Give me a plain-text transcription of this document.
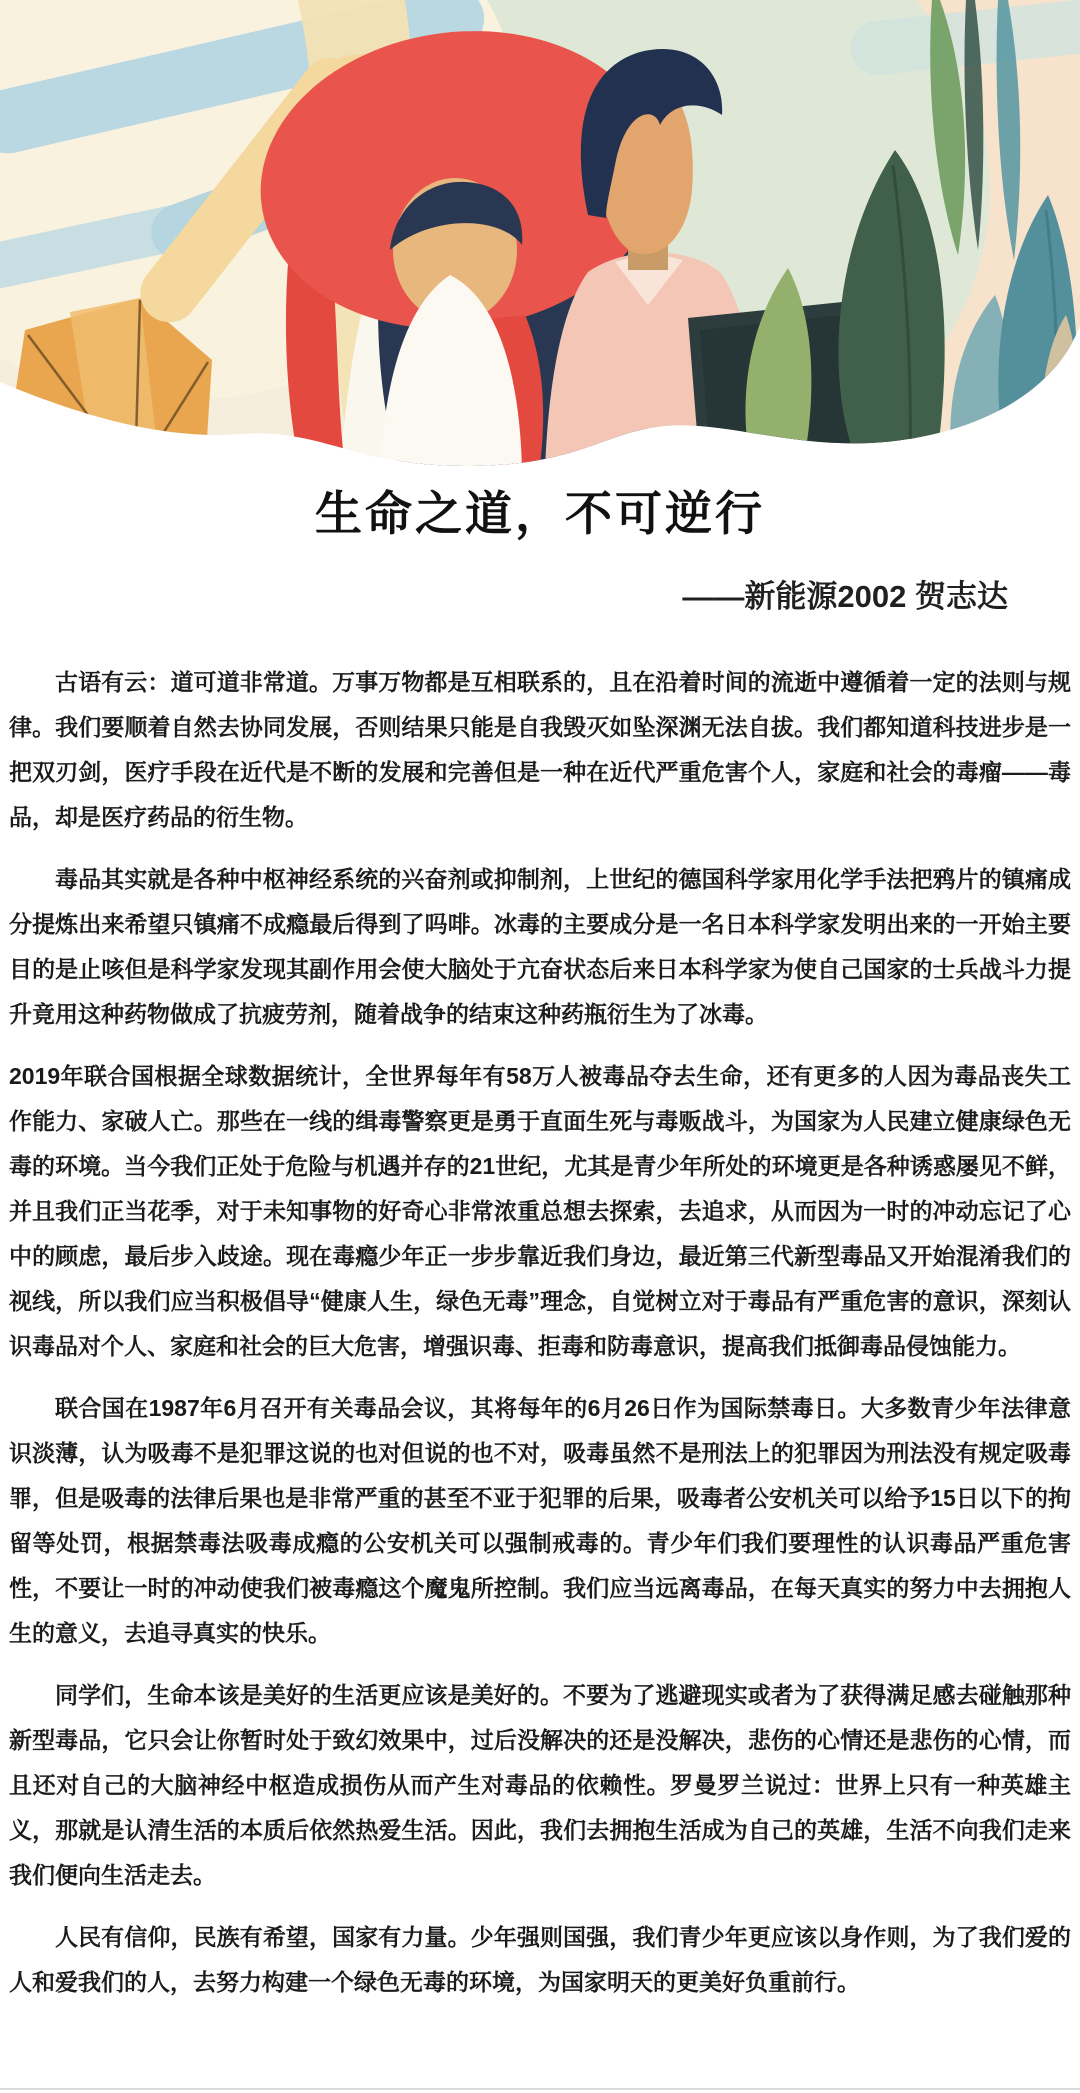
生命之道，不可逆行
——新能源2002 贺志达

古语有云：道可道非常道。万事万物都是互相联系的，且在沿着时间的流逝中遵循着一定的法则与规律。我们要顺着自然去协同发展，否则结果只能是自我毁灭如坠深渊无法自拔。我们都知道科技进步是一把双刃剑，医疗手段在近代是不断的发展和完善但是一种在近代严重危害个人，家庭和社会的毒瘤——毒品，却是医疗药品的衍生物。

毒品其实就是各种中枢神经系统的兴奋剂或抑制剂，上世纪的德国科学家用化学手法把鸦片的镇痛成分提炼出来希望只镇痛不成瘾最后得到了吗啡。冰毒的主要成分是一名日本科学家发明出来的一开始主要目的是止咳但是科学家发现其副作用会使大脑处于亢奋状态后来日本科学家为使自己国家的士兵战斗力提升竟用这种药物做成了抗疲劳剂，随着战争的结束这种药瓶衍生为了冰毒。

2019年联合国根据全球数据统计，全世界每年有58万人被毒品夺去生命，还有更多的人因为毒品丧失工作能力、家破人亡。那些在一线的缉毒警察更是勇于直面生死与毒贩战斗，为国家为人民建立健康绿色无毒的环境。当今我们正处于危险与机遇并存的21世纪，尤其是青少年所处的环境更是各种诱惑屡见不鲜，并且我们正当花季，对于未知事物的好奇心非常浓重总想去探索，去追求，从而因为一时的冲动忘记了心中的顾虑，最后步入歧途。现在毒瘾少年正一步步靠近我们身边，最近第三代新型毒品又开始混淆我们的视线，所以我们应当积极倡导“健康人生，绿色无毒”理念，自觉树立对于毒品有严重危害的意识，深刻认识毒品对个人、家庭和社会的巨大危害，增强识毒、拒毒和防毒意识，提高我们抵御毒品侵蚀能力。

联合国在1987年6月召开有关毒品会议，其将每年的6月26日作为国际禁毒日。大多数青少年法律意识淡薄，认为吸毒不是犯罪这说的也对但说的也不对，吸毒虽然不是刑法上的犯罪因为刑法没有规定吸毒罪，但是吸毒的法律后果也是非常严重的甚至不亚于犯罪的后果，吸毒者公安机关可以给予15日以下的拘留等处罚，根据禁毒法吸毒成瘾的公安机关可以强制戒毒的。青少年们我们要理性的认识毒品严重危害性，不要让一时的冲动使我们被毒瘾这个魔鬼所控制。我们应当远离毒品，在每天真实的努力中去拥抱人生的意义，去追寻真实的快乐。

同学们，生命本该是美好的生活更应该是美好的。不要为了逃避现实或者为了获得满足感去碰触那种新型毒品，它只会让你暂时处于致幻效果中，过后没解决的还是没解决，悲伤的心情还是悲伤的心情，而且还对自己的大脑神经中枢造成损伤从而产生对毒品的依赖性。罗曼罗兰说过：世界上只有一种英雄主义，那就是认清生活的本质后依然热爱生活。因此，我们去拥抱生活成为自己的英雄，生活不向我们走来我们便向生活走去。

人民有信仰，民族有希望，国家有力量。少年强则国强，我们青少年更应该以身作则，为了我们爱的人和爱我们的人，去努力构建一个绿色无毒的环境，为国家明天的更美好负重前行。
